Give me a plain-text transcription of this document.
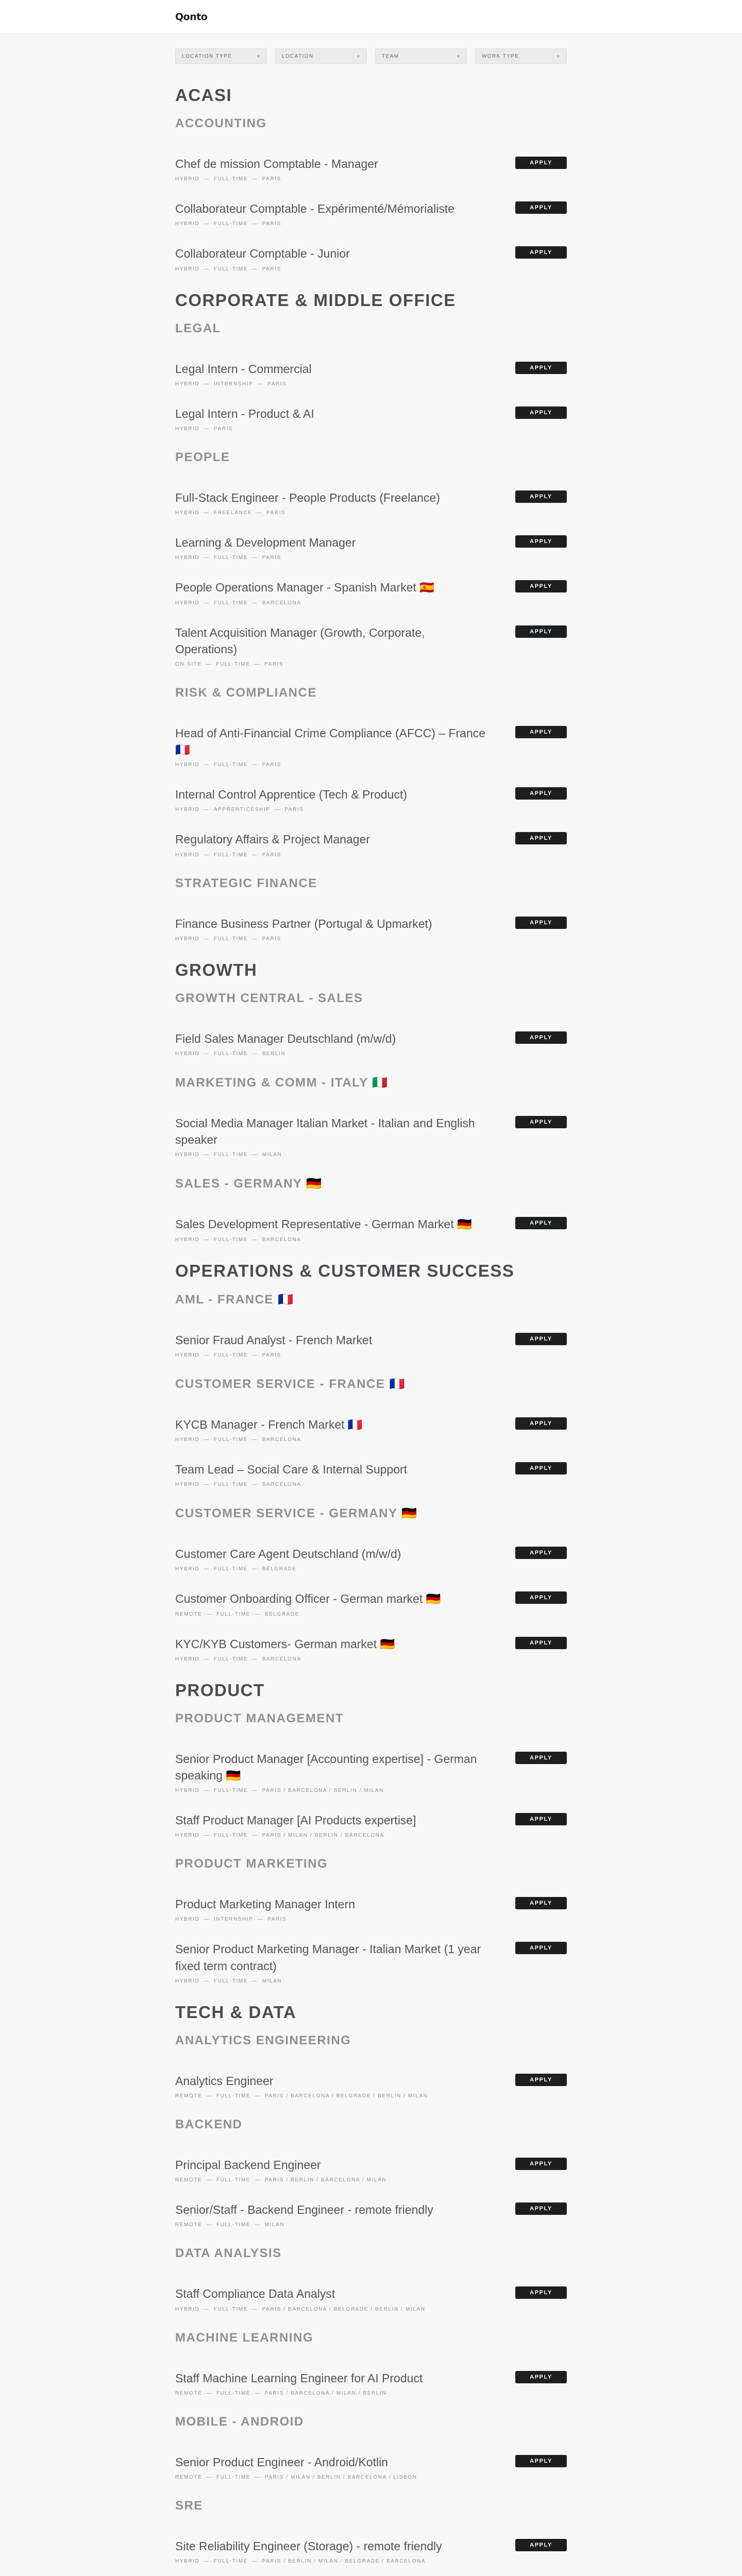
Qonto
LOCATION TYPE	▾	LOCATION	▾	TEAM	▾	WORK TYPE	▾
ACASI
ACCOUNTING
Chef de mission Comptable - Manager
HYBRID — FULL-TIME — PARIS
APPLY
Collaborateur Comptable - Expérimenté/Mémorialiste
HYBRID — FULL-TIME — PARIS
APPLY
Collaborateur Comptable - Junior
HYBRID — FULL-TIME — PARIS
APPLY
CORPORATE & MIDDLE OFFICE
LEGAL
Legal Intern - Commercial
HYBRID — INTERNSHIP — PARIS
APPLY
Legal Intern - Product & AI
HYBRID — PARIS
APPLY
PEOPLE
Full-Stack Engineer - People Products (Freelance)
HYBRID — FREELANCE — PARIS
APPLY
Learning & Development Manager
HYBRID — FULL-TIME — PARIS
APPLY
People Operations Manager - Spanish Market 🇪🇸
HYBRID — FULL-TIME — BARCELONA
APPLY
Talent Acquisition Manager (Growth, Corporate, Operations)
ON-SITE — FULL-TIME — PARIS
APPLY
RISK & COMPLIANCE
Head of Anti-Financial Crime Compliance (AFCC) – France 🇫🇷
HYBRID — FULL-TIME — PARIS
APPLY
Internal Control Apprentice (Tech & Product)
HYBRID — APPRENTICESHIP — PARIS
APPLY
Regulatory Affairs & Project Manager
HYBRID — FULL-TIME — PARIS
APPLY
STRATEGIC FINANCE
Finance Business Partner (Portugal & Upmarket)
HYBRID — FULL-TIME — PARIS
APPLY
GROWTH
GROWTH CENTRAL - SALES
Field Sales Manager Deutschland (m/w/d)
HYBRID — FULL-TIME — BERLIN
APPLY
MARKETING & COMM - ITALY 🇮🇹
Social Media Manager Italian Market - Italian and English speaker
HYBRID — FULL-TIME — MILAN
APPLY
SALES - GERMANY 🇩🇪
Sales Development Representative - German Market 🇩🇪
HYBRID — FULL-TIME — BARCELONA
APPLY
OPERATIONS & CUSTOMER SUCCESS
AML - FRANCE 🇫🇷
Senior Fraud Analyst - French Market
HYBRID — FULL-TIME — PARIS
APPLY
CUSTOMER SERVICE - FRANCE 🇫🇷
KYCB Manager - French Market 🇫🇷
HYBRID — FULL-TIME — BARCELONA
APPLY
Team Lead – Social Care & Internal Support
HYBRID — FULL-TIME — BARCELONA
APPLY
CUSTOMER SERVICE - GERMANY 🇩🇪
Customer Care Agent Deutschland (m/w/d)
HYBRID — FULL-TIME — BELGRADE
APPLY
Customer Onboarding Officer - German market 🇩🇪
REMOTE — FULL-TIME — BELGRADE
APPLY
KYC/KYB Customers- German market 🇩🇪
HYBRID — FULL-TIME — BARCELONA
APPLY
PRODUCT
PRODUCT MANAGEMENT
Senior Product Manager [Accounting expertise] - German speaking 🇩🇪
HYBRID — FULL-TIME — PARIS / BARCELONA / BERLIN / MILAN
APPLY
Staff Product Manager [AI Products expertise]
HYBRID — FULL-TIME — PARIS / MILAN / BERLIN / BARCELONA
APPLY
PRODUCT MARKETING
Product Marketing Manager Intern
HYBRID — INTERNSHIP — PARIS
APPLY
Senior Product Marketing Manager - Italian Market (1 year fixed term contract)
HYBRID — FULL-TIME — MILAN
APPLY
TECH & DATA
ANALYTICS ENGINEERING
Analytics Engineer
REMOTE — FULL-TIME — PARIS / BARCELONA / BELGRADE / BERLIN / MILAN
APPLY
BACKEND
Principal Backend Engineer
REMOTE — FULL-TIME — PARIS / BERLIN / BARCELONA / MILAN
APPLY
Senior/Staff - Backend Engineer - remote friendly
REMOTE — FULL-TIME — MILAN
APPLY
DATA ANALYSIS
Staff Compliance Data Analyst
HYBRID — FULL-TIME — PARIS / BARCELONA / BELGRADE / BERLIN / MILAN
APPLY
MACHINE LEARNING
Staff Machine Learning Engineer for AI Product
REMOTE — FULL-TIME — PARIS / BARCELONA / MILAN / BERLIN
APPLY
MOBILE - ANDROID
Senior Product Engineer - Android/Kotlin
REMOTE — FULL-TIME — PARIS / MILAN / BERLIN / BARCELONA / LISBON
APPLY
SRE
Site Reliability Engineer (Storage) - remote friendly
HYBRID — FULL-TIME — PARIS / BERLIN / MILAN / BELGRADE / BARCELONA
APPLY
